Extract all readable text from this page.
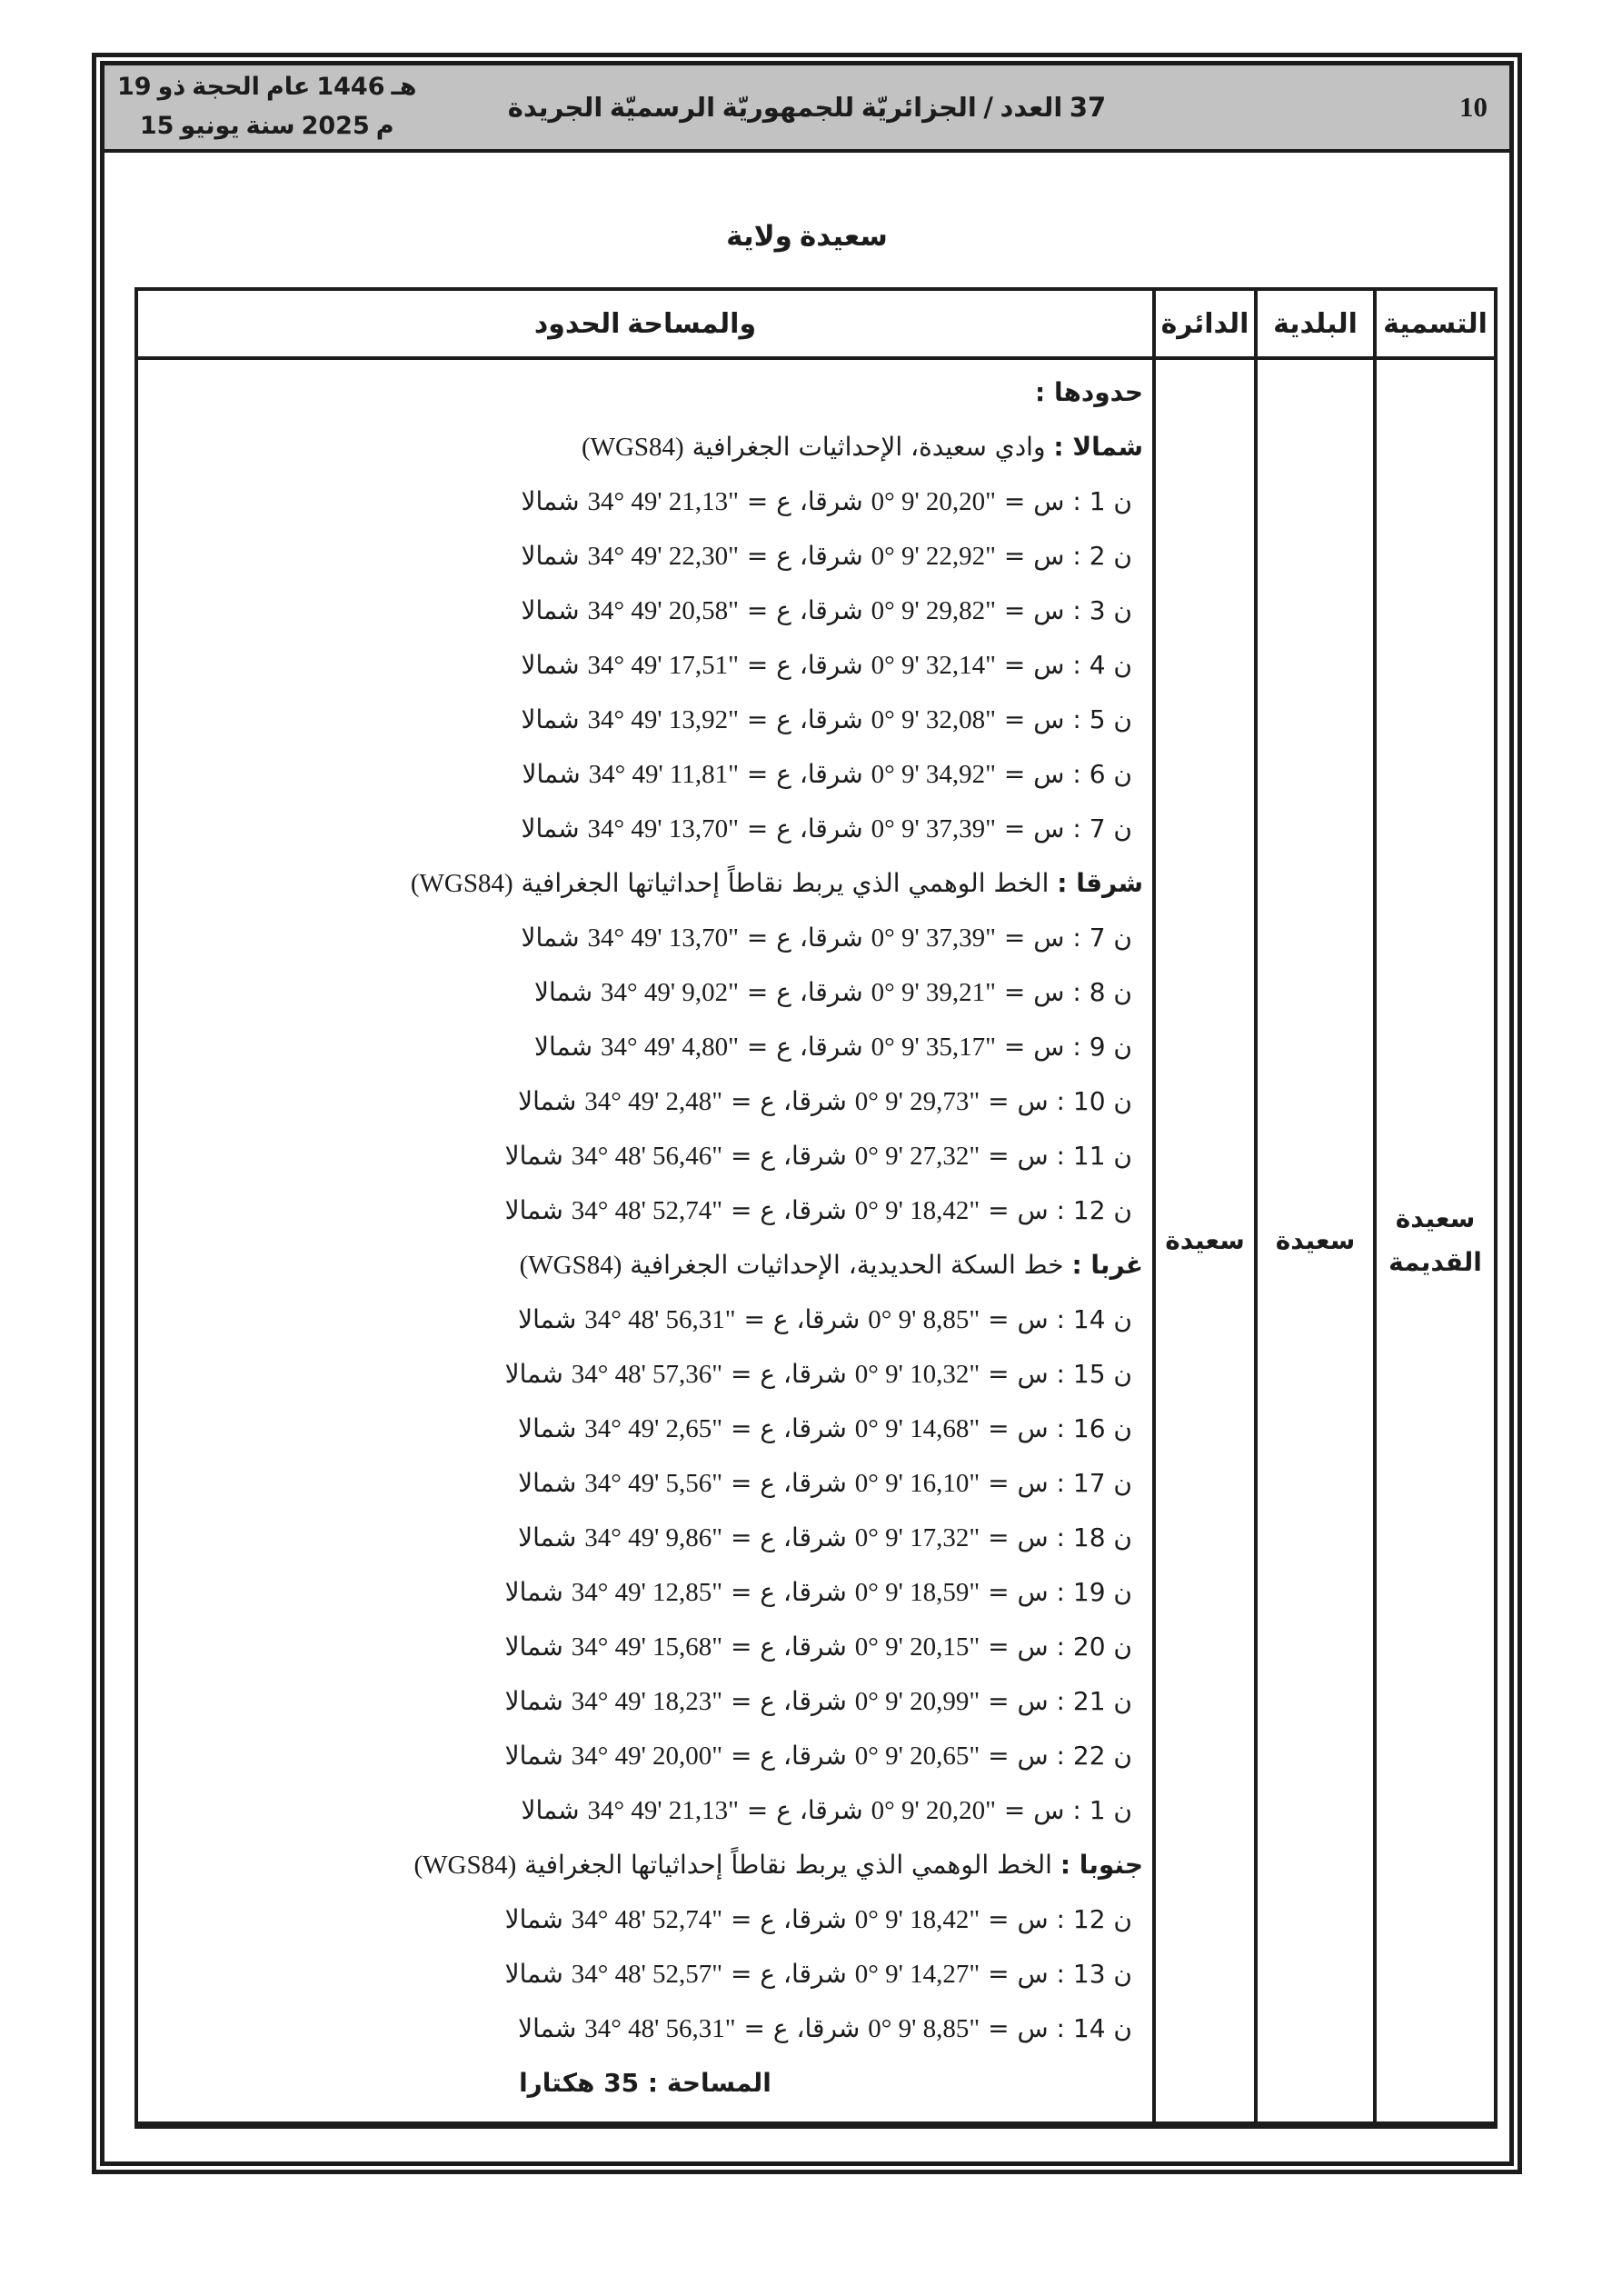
19 ذو الحجة عام 1446 هـ
15 يونيو سنة 2025 م
الجريدة الرسميّة للجمهوريّة الجزائريّة / العدد 37	10
ولاية سعيدة
التسمية	البلدية	الدائرة	الحدود والمساحة

سعيدة القديمة	سعيدة	سعيدة	
حدودها :
شمالا : وادي سعيدة، الإحداثيات الجغرافية (WGS84)
ن 1 : س = 0° 9' 20,20" شرقا، ع = 34° 49' 21,13" شمالا
ن 2 : س = 0° 9' 22,92" شرقا، ع = 34° 49' 22,30" شمالا
ن 3 : س = 0° 9' 29,82" شرقا، ع = 34° 49' 20,58" شمالا
ن 4 : س = 0° 9' 32,14" شرقا، ع = 34° 49' 17,51" شمالا
ن 5 : س = 0° 9' 32,08" شرقا، ع = 34° 49' 13,92" شمالا
ن 6 : س = 0° 9' 34,92" شرقا، ع = 34° 49' 11,81" شمالا
ن 7 : س = 0° 9' 37,39" شرقا، ع = 34° 49' 13,70" شمالا
شرقا : الخط الوهمي الذي يربط نقاطاً إحداثياتها الجغرافية (WGS84)
ن 7 : س = 0° 9' 37,39" شرقا، ع = 34° 49' 13,70" شمالا
ن 8 : س = 0° 9' 39,21" شرقا، ع = 34° 49' 9,02" شمالا
ن 9 : س = 0° 9' 35,17" شرقا، ع = 34° 49' 4,80" شمالا
ن 10 : س = 0° 9' 29,73" شرقا، ع = 34° 49' 2,48" شمالا
ن 11 : س = 0° 9' 27,32" شرقا، ع = 34° 48' 56,46" شمالا
ن 12 : س = 0° 9' 18,42" شرقا، ع = 34° 48' 52,74" شمالا
غربا : خط السكة الحديدية، الإحداثيات الجغرافية (WGS84)
ن 14 : س = 0° 9' 8,85" شرقا، ع = 34° 48' 56,31" شمالا
ن 15 : س = 0° 9' 10,32" شرقا، ع = 34° 48' 57,36" شمالا
ن 16 : س = 0° 9' 14,68" شرقا، ع = 34° 49' 2,65" شمالا
ن 17 : س = 0° 9' 16,10" شرقا، ع = 34° 49' 5,56" شمالا
ن 18 : س = 0° 9' 17,32" شرقا، ع = 34° 49' 9,86" شمالا
ن 19 : س = 0° 9' 18,59" شرقا، ع = 34° 49' 12,85" شمالا
ن 20 : س = 0° 9' 20,15" شرقا، ع = 34° 49' 15,68" شمالا
ن 21 : س = 0° 9' 20,99" شرقا، ع = 34° 49' 18,23" شمالا
ن 22 : س = 0° 9' 20,65" شرقا، ع = 34° 49' 20,00" شمالا
ن 1 : س = 0° 9' 20,20" شرقا، ع = 34° 49' 21,13" شمالا
جنوبا : الخط الوهمي الذي يربط نقاطاً إحداثياتها الجغرافية (WGS84)
ن 12 : س = 0° 9' 18,42" شرقا، ع = 34° 48' 52,74" شمالا
ن 13 : س = 0° 9' 14,27" شرقا، ع = 34° 48' 52,57" شمالا
ن 14 : س = 0° 9' 8,85" شرقا، ع = 34° 48' 56,31" شمالا
المساحة : 35 هكتارا
